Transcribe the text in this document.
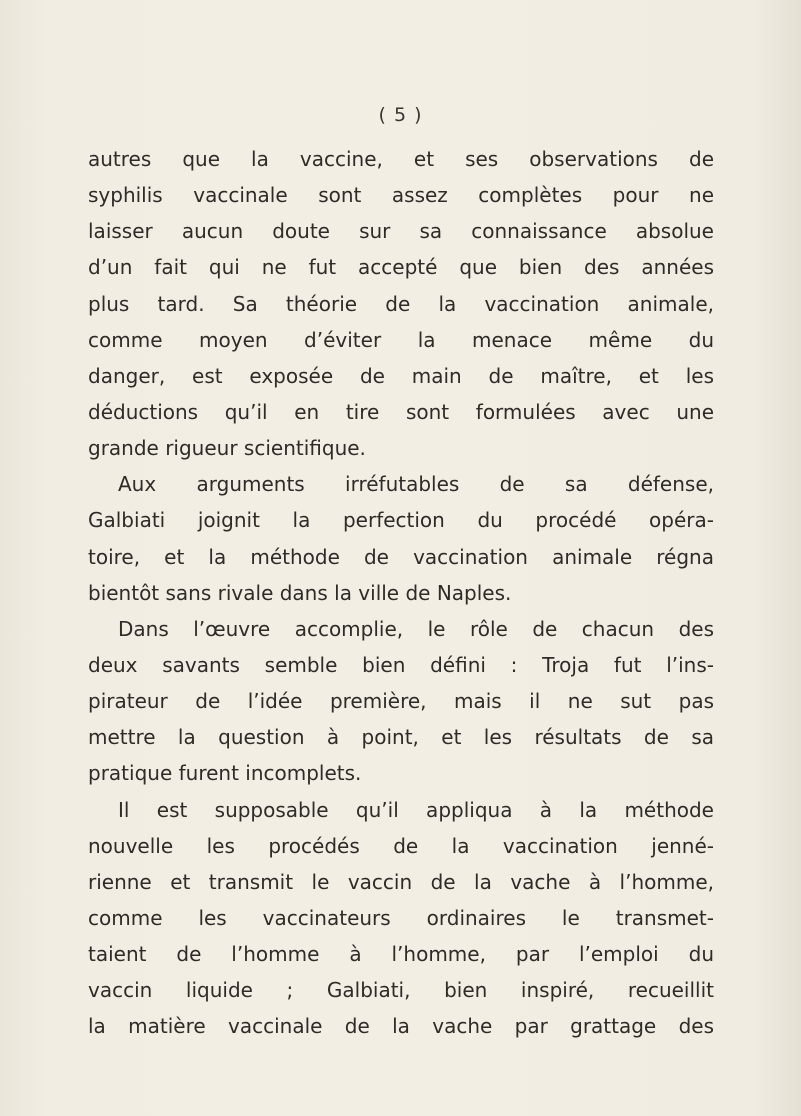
( 5 )
autres que la vaccine, et ses observations de
syphilis vaccinale sont assez complètes pour ne
laisser aucun doute sur sa connaissance absolue
d’un fait qui ne fut accepté que bien des années
plus tard. Sa théorie de la vaccination animale,
comme moyen d’éviter la menace même du
danger, est exposée de main de maître, et les
déductions qu’il en tire sont formulées avec une
grande rigueur scientifique.
Aux arguments irréfutables de sa défense,
Galbiati joignit la perfection du procédé opéra-
toire, et la méthode de vaccination animale régna
bientôt sans rivale dans la ville de Naples.
Dans l’œuvre accomplie, le rôle de chacun des
deux savants semble bien défini : Troja fut l’ins-
pirateur de l’idée première, mais il ne sut pas
mettre la question à point, et les résultats de sa
pratique furent incomplets.
Il est supposable qu’il appliqua à la méthode
nouvelle les procédés de la vaccination jenné-
rienne et transmit le vaccin de la vache à l’homme,
comme les vaccinateurs ordinaires le transmet-
taient de l’homme à l’homme, par l’emploi du
vaccin liquide ; Galbiati, bien inspiré, recueillit
la matière vaccinale de la vache par grattage des
